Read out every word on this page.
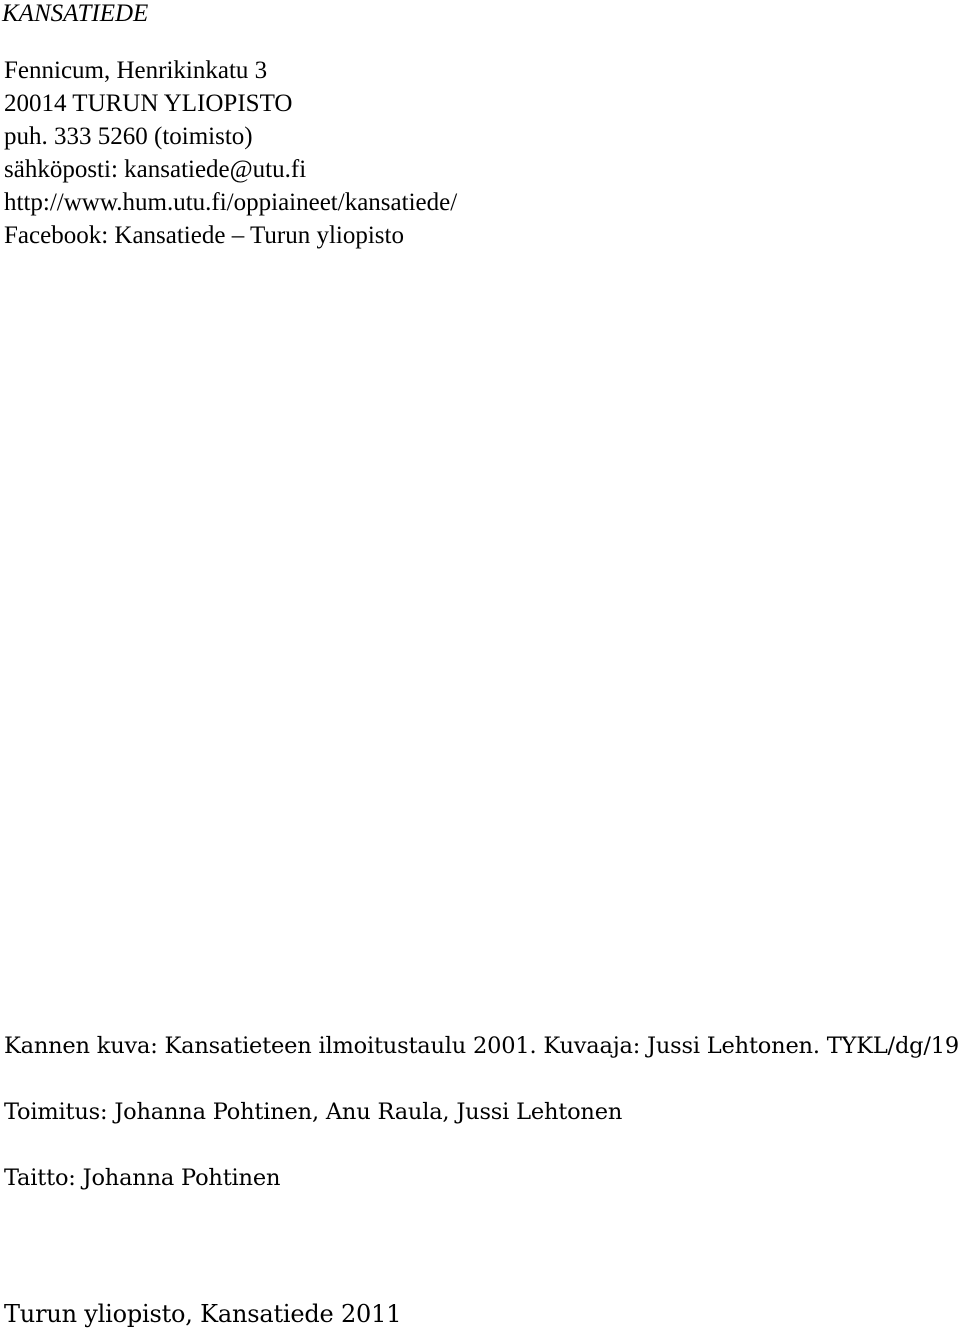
KANSATIEDE
Fennicum, Henrikinkatu 3
20014 TURUN YLIOPISTO
puh. 333 5260 (toimisto)
sähköposti: kansatiede@utu.fi
http://www.hum.utu.fi/oppiaineet/kansatiede/
Facebook: Kansatiede – Turun yliopisto
Kannen kuva: Kansatieteen ilmoitustaulu 2001. Kuvaaja: Jussi Lehtonen. TYKL/dg/19
Toimitus: Johanna Pohtinen, Anu Raula, Jussi Lehtonen
Taitto: Johanna Pohtinen
Turun yliopisto, Kansatiede 2011
